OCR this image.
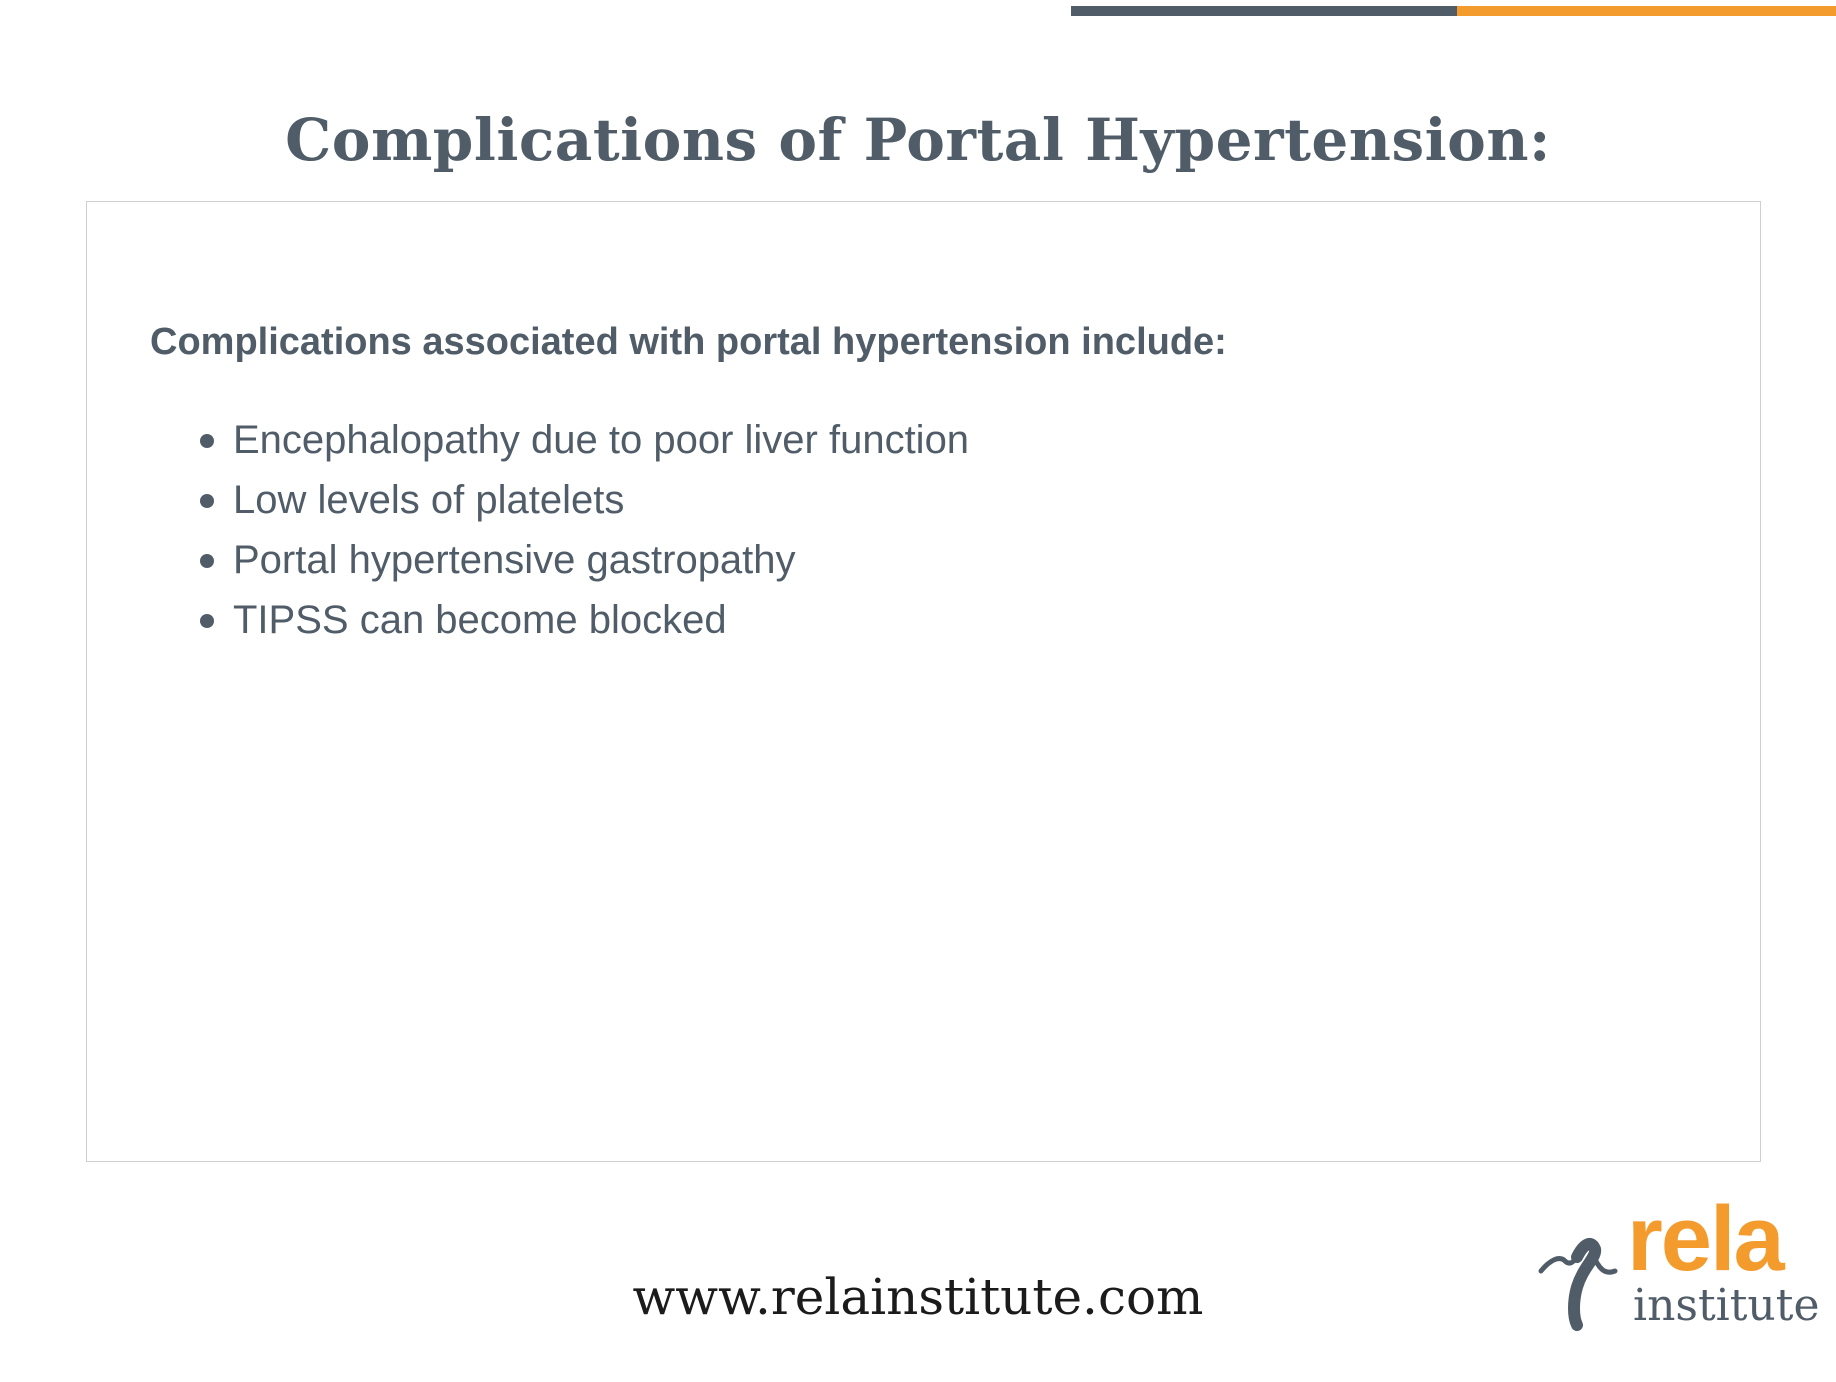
Complications of Portal Hypertension:
Complications associated with portal hypertension include:
Encephalopathy due to poor liver function
Low levels of platelets
Portal hypertensive gastropathy
TIPSS can become blocked
www.relainstitute.com
rela
institute
